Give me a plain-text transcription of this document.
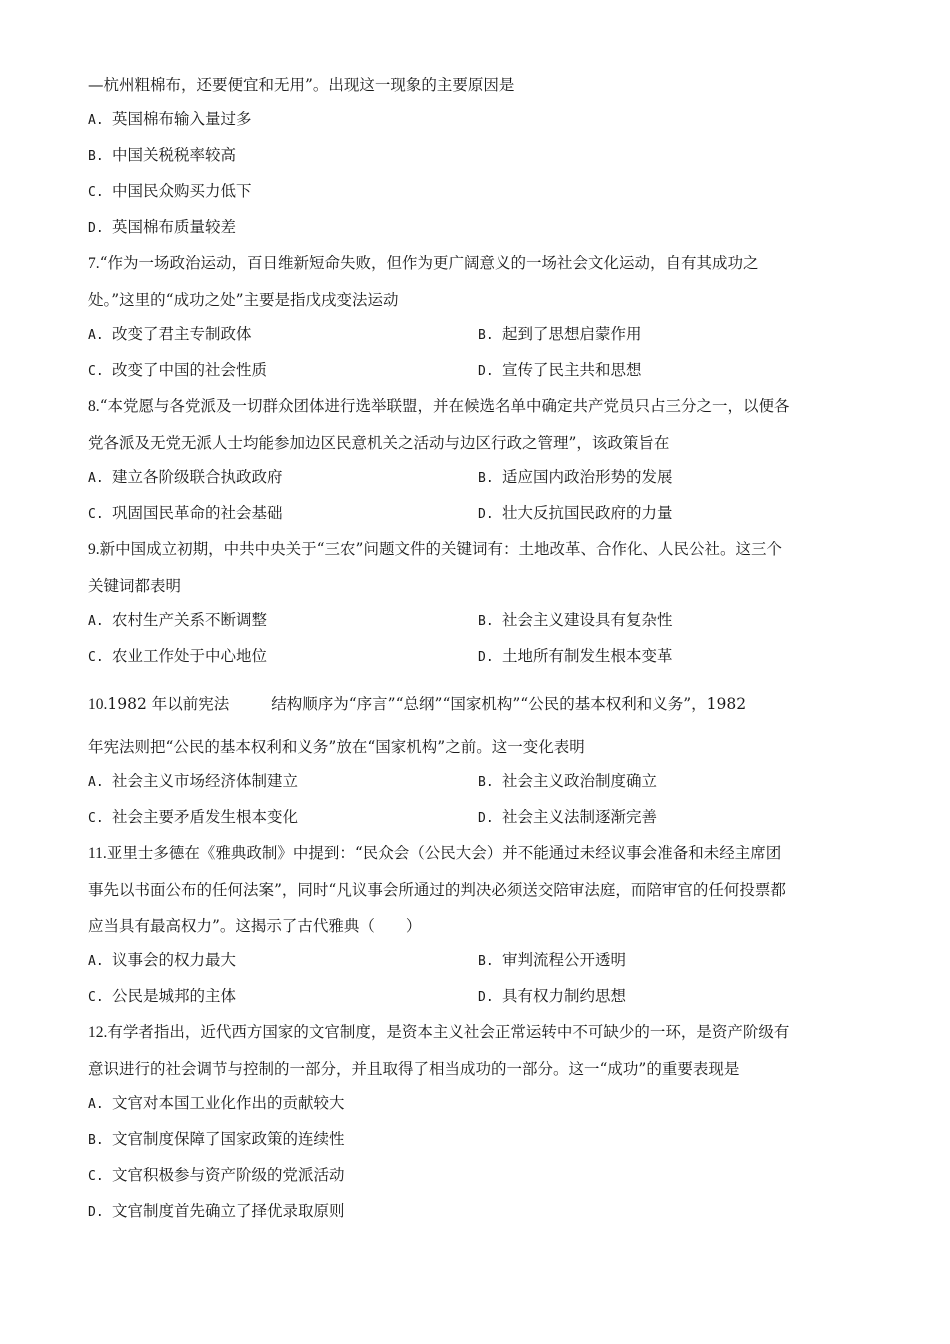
—杭州粗棉布，还要便宜和无用”。出现这一现象的主要原因是
A. 英国棉布输入量过多
B. 中国关税税率较高
C. 中国民众购买力低下
D. 英国棉布质量较差
7.“作为一场政治运动，百日维新短命失败，但作为更广阔意义的一场社会文化运动，自有其成功之
处。”这里的“成功之处”主要是指戊戌变法运动
A. 改变了君主专制政体	B. 起到了思想启蒙作用
C. 改变了中国的社会性质	D. 宣传了民主共和思想
8.“本党愿与各党派及一切群众团体进行选举联盟，并在候选名单中确定共产党员只占三分之一，以便各
党各派及无党无派人士均能参加边区民意机关之活动与边区行政之管理”，该政策旨在
A. 建立各阶级联合执政政府	B. 适应国内政治形势的发展
C. 巩固国民革命的社会基础	D. 壮大反抗国民政府的力量
9.新中国成立初期，中共中央关于“三农”问题文件的关键词有：土地改革、合作化、人民公社。这三个
关键词都表明
A. 农村生产关系不断调整	B. 社会主义建设具有复杂性
C. 农业工作处于中心地位	D. 土地所有制发生根本变革
10.1982 年以前宪法	结构顺序为“序言”“总纲”“国家机构”“公民的基本权利和义务”，1982
年宪法则把“公民的基本权利和义务”放在“国家机构”之前。这一变化表明
A. 社会主义市场经济体制建立	B. 社会主义政治制度确立
C. 社会主要矛盾发生根本变化	D. 社会主义法制逐渐完善
11.亚里士多德在《雅典政制》中提到：“民众会（公民大会）并不能通过未经议事会准备和未经主席团
事先以书面公布的任何法案”，同时“凡议事会所通过的判决必须送交陪审法庭，而陪审官的任何投票都
应当具有最高权力”。这揭示了古代雅典（　　）
A. 议事会的权力最大	B. 审判流程公开透明
C. 公民是城邦的主体	D. 具有权力制约思想
12.有学者指出，近代西方国家的文官制度，是资本主义社会正常运转中不可缺少的一环，是资产阶级有
意识进行的社会调节与控制的一部分，并且取得了相当成功的一部分。这一“成功”的重要表现是
A. 文官对本国工业化作出的贡献较大
B. 文官制度保障了国家政策的连续性
C. 文官积极参与资产阶级的党派活动
D. 文官制度首先确立了择优录取原则
